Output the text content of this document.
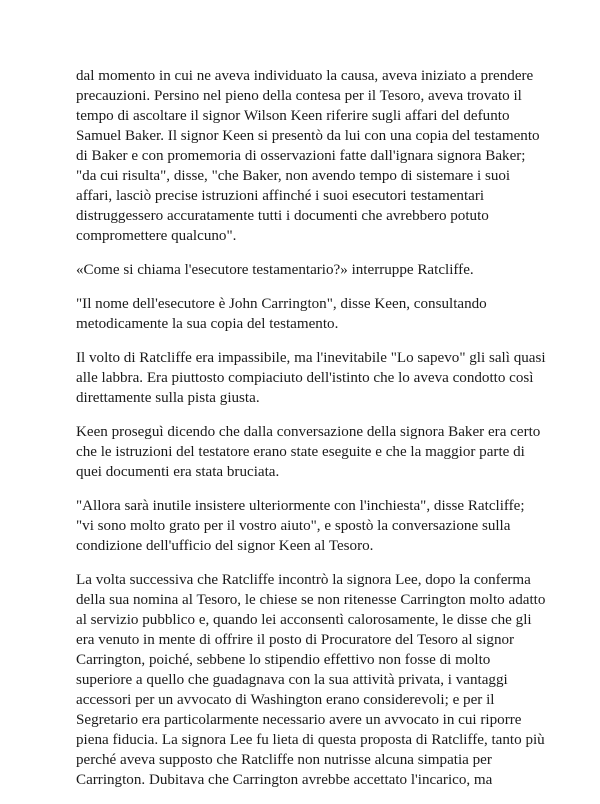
dal momento in cui ne aveva individuato la causa, aveva iniziato a prendere precauzioni. Persino nel pieno della contesa per il Tesoro, aveva trovato il tempo di ascoltare il signor Wilson Keen riferire sugli affari del defunto Samuel Baker. Il signor Keen si presentò da lui con una copia del testamento di Baker e con promemoria di osservazioni fatte dall'ignara signora Baker; "da cui risulta", disse, "che Baker, non avendo tempo di sistemare i suoi affari, lasciò precise istruzioni affinché i suoi esecutori testamentari distruggessero accuratamente tutti i documenti che avrebbero potuto compromettere qualcuno".

«Come si chiama l'esecutore testamentario?» interruppe Ratcliffe.

"Il nome dell'esecutore è John Carrington", disse Keen, consultando metodicamente la sua copia del testamento.

Il volto di Ratcliffe era impassibile, ma l'inevitabile "Lo sapevo" gli salì quasi alle labbra. Era piuttosto compiaciuto dell'istinto che lo aveva condotto così direttamente sulla pista giusta.

Keen proseguì dicendo che dalla conversazione della signora Baker era certo che le istruzioni del testatore erano state eseguite e che la maggior parte di quei documenti era stata bruciata.

"Allora sarà inutile insistere ulteriormente con l'inchiesta", disse Ratcliffe; "vi sono molto grato per il vostro aiuto", e spostò la conversazione sulla condizione dell'ufficio del signor Keen al Tesoro.

La volta successiva che Ratcliffe incontrò la signora Lee, dopo la conferma della sua nomina al Tesoro, le chiese se non ritenesse Carrington molto adatto al servizio pubblico e, quando lei acconsentì calorosamente, le disse che gli era venuto in mente di offrire il posto di Procuratore del Tesoro al signor Carrington, poiché, sebbene lo stipendio effettivo non fosse di molto superiore a quello che guadagnava con la sua attività privata, i vantaggi accessori per un avvocato di Washington erano considerevoli; e per il Segretario era particolarmente necessario avere un avvocato in cui riporre piena fiducia. La signora Lee fu lieta di questa proposta di Ratcliffe, tanto più perché aveva supposto che Ratcliffe non nutrisse alcuna simpatia per Carrington. Dubitava che Carrington avrebbe accettato l'incarico, ma
